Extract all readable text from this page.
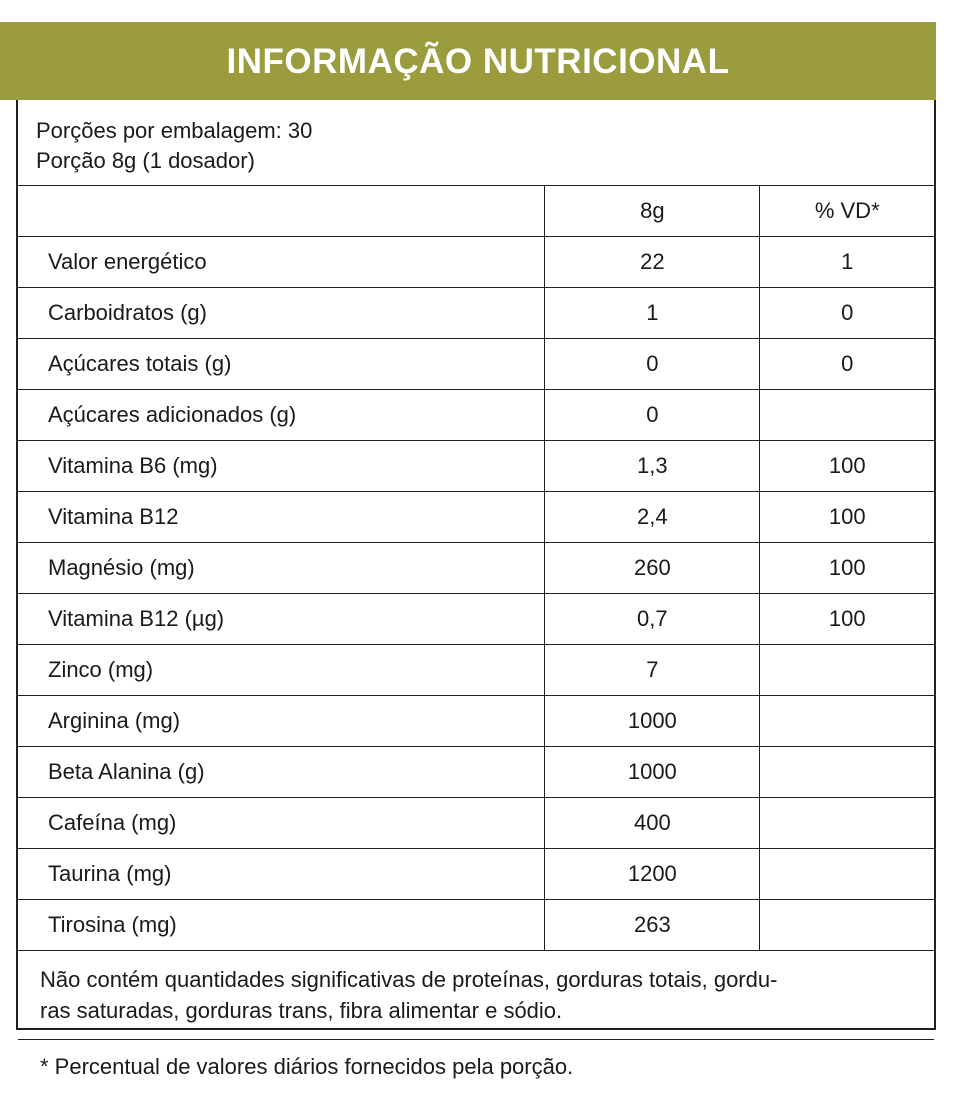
INFORMAÇÃO NUTRICIONAL
Porções por embalagem: 30
Porção 8g (1 dosador)
	8g	% VD*
Valor energético	22	1
Carboidratos (g)	1	0
Açúcares totais (g)	0	0
Açúcares adicionados (g)	0	
Vitamina B6 (mg)	1,3	100
Vitamina B12	2,4	100
Magnésio (mg)	260	100
Vitamina B12 (µg)	0,7	100
Zinco (mg)	7	
Arginina (mg)	1000	
Beta Alanina (g)	1000	
Cafeína (mg)	400	
Taurina (mg)	1200	
Tirosina (mg)	263	
Não contém quantidades significativas de proteínas, gorduras totais, gordu-
ras saturadas, gorduras trans, fibra alimentar e sódio.
* Percentual de valores diários fornecidos pela porção.
